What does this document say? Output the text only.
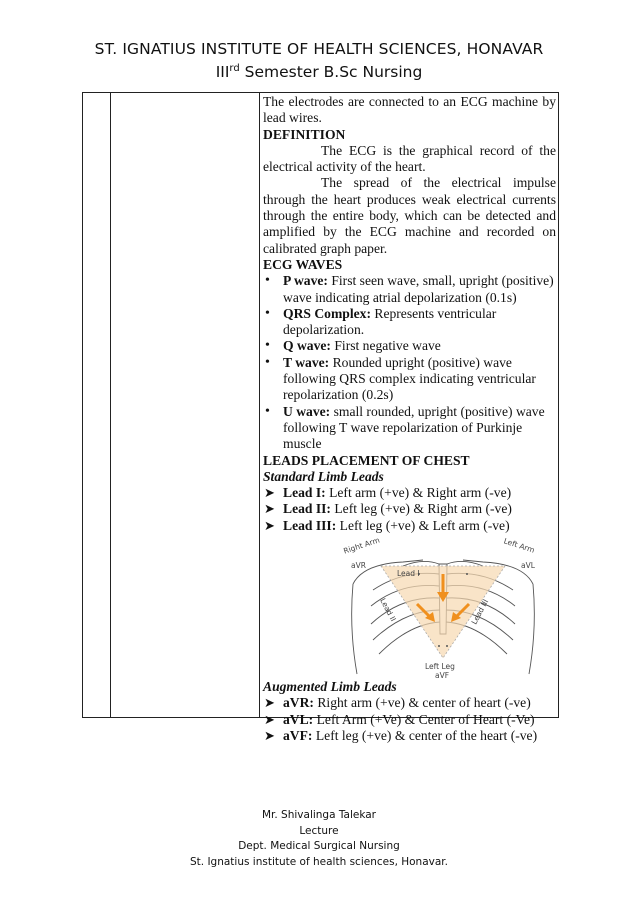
ST. IGNATIUS INSTITUTE OF HEALTH SCIENCES, HONAVAR
IIIrd Semester B.Sc Nursing

The electrodes are connected to an ECG machine by lead wires.

DEFINITION

The ECG is the graphical record of the electrical activity of the heart.

The spread of the electrical impulse through the heart produces weak electrical currents through the entire body, which can be detected and amplified by the ECG machine and recorded on calibrated graph paper.

ECG WAVES
• P wave: First seen wave, small, upright (positive) wave indicating atrial depolarization (0.1s)
• QRS Complex: Represents ventricular depolarization.
• Q wave: First negative wave
• T wave: Rounded upright (positive) wave following QRS complex indicating ventricular repolarization (0.2s)
• U wave: small rounded, upright (positive) wave following T wave repolarization of Purkinje muscle
LEADS PLACEMENT OF CHEST
Standard Limb Leads
➤ Lead I: Left arm (+ve) & Right arm (-ve)
➤ Lead II: Left leg (+ve) & Right arm (-ve)
➤ Lead III: Left leg (+ve) & Left arm (-ve)
Right Arm	Left Arm
aVR	aVL
Lead I
Lead II	Lead III
Left Leg
aVF
Augmented Limb Leads
➤ aVR: Right arm (+ve) & center of heart (-ve)
➤ aVL: Left Arm (+Ve) & Center of Heart (-Ve)
➤ aVF: Left leg (+ve) & center of the heart (-ve)
Mr. Shivalinga Talekar
Lecture
Dept. Medical Surgical Nursing
St. Ignatius institute of health sciences, Honavar.
